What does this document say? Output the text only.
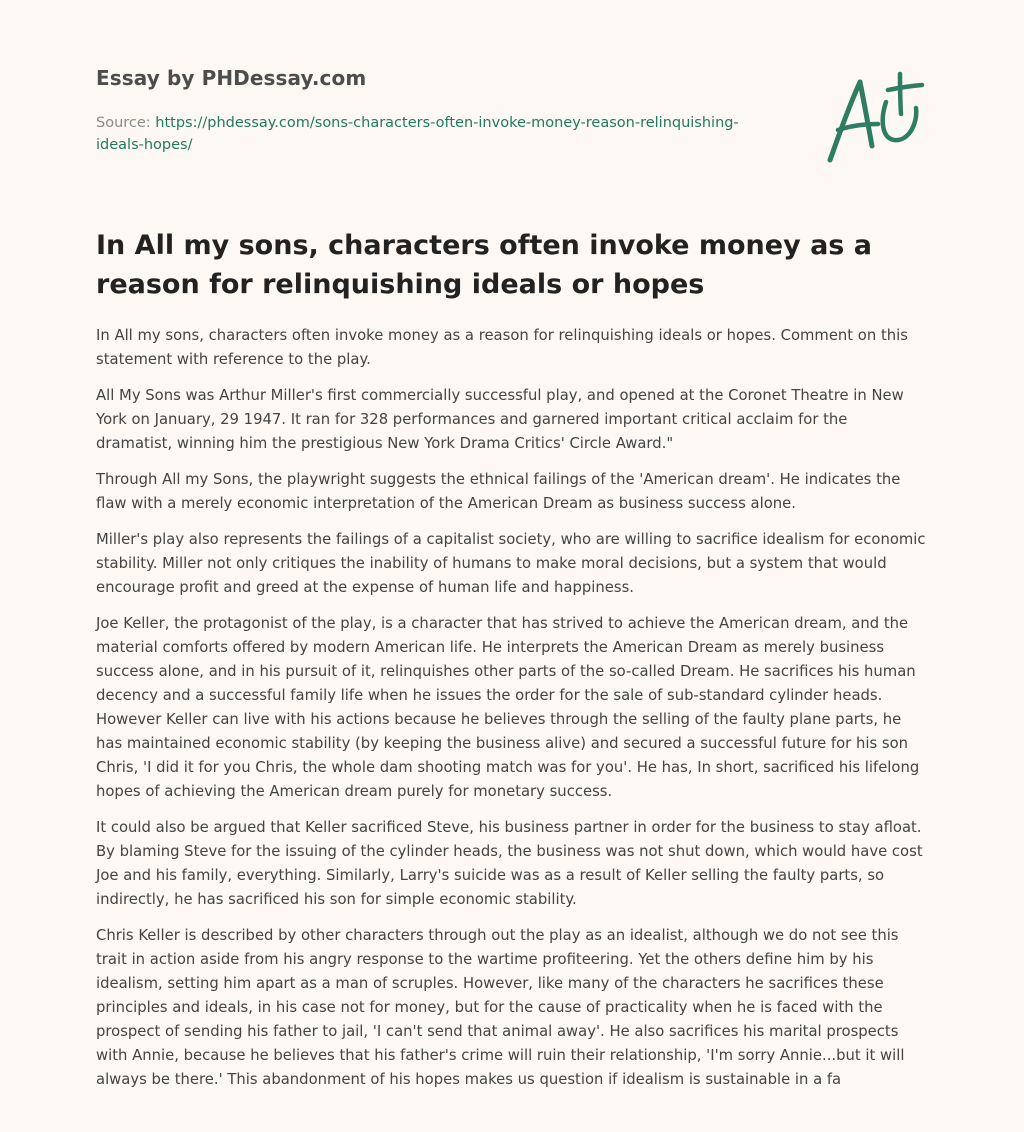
Essay by PHDessay.com
Source: https://phdessay.com/sons-characters-often-invoke-money-reason-relinquishing-ideals-hopes/
In All my sons, characters often invoke money as a reason for relinquishing ideals or hopes

In All my sons, characters often invoke money as a reason for relinquishing ideals or hopes. Comment on this statement with reference to the play.

All My Sons was Arthur Miller's first commercially successful play, and opened at the Coronet Theatre in New York on January, 29 1947. It ran for 328 performances and garnered important critical acclaim for the dramatist, winning him the prestigious New York Drama Critics' Circle Award."

Through All my Sons, the playwright suggests the ethnical failings of the 'American dream'. He indicates the flaw with a merely economic interpretation of the American Dream as business success alone.

Miller's play also represents the failings of a capitalist society, who are willing to sacrifice idealism for economic stability. Miller not only critiques the inability of humans to make moral decisions, but a system that would encourage profit and greed at the expense of human life and happiness.

Joe Keller, the protagonist of the play, is a character that has strived to achieve the American dream, and the material comforts offered by modern American life. He interprets the American Dream as merely business success alone, and in his pursuit of it, relinquishes other parts of the so-called Dream. He sacrifices his human decency and a successful family life when he issues the order for the sale of sub-standard cylinder heads. However Keller can live with his actions because he believes through the selling of the faulty plane parts, he has maintained economic stability (by keeping the business alive) and secured a successful future for his son Chris, 'I did it for you Chris, the whole dam shooting match was for you'. He has, In short, sacrificed his lifelong hopes of achieving the American dream purely for monetary success.

It could also be argued that Keller sacrificed Steve, his business partner in order for the business to stay afloat. By blaming Steve for the issuing of the cylinder heads, the business was not shut down, which would have cost Joe and his family, everything. Similarly, Larry's suicide was as a result of Keller selling the faulty parts, so indirectly, he has sacrificed his son for simple economic stability.

Chris Keller is described by other characters through out the play as an idealist, although we do not see this trait in action aside from his angry response to the wartime profiteering. Yet the others define him by his idealism, setting him apart as a man of scruples. However, like many of the characters he sacrifices these principles and ideals, in his case not for money, but for the cause of practicality when he is faced with the prospect of sending his father to jail, 'I can't send that animal away'. He also sacrifices his marital prospects with Annie, because he believes that his father's crime will ruin their relationship, 'I'm sorry Annie...but it will always be there.' This abandonment of his hopes makes us question if idealism is sustainable in a fa
